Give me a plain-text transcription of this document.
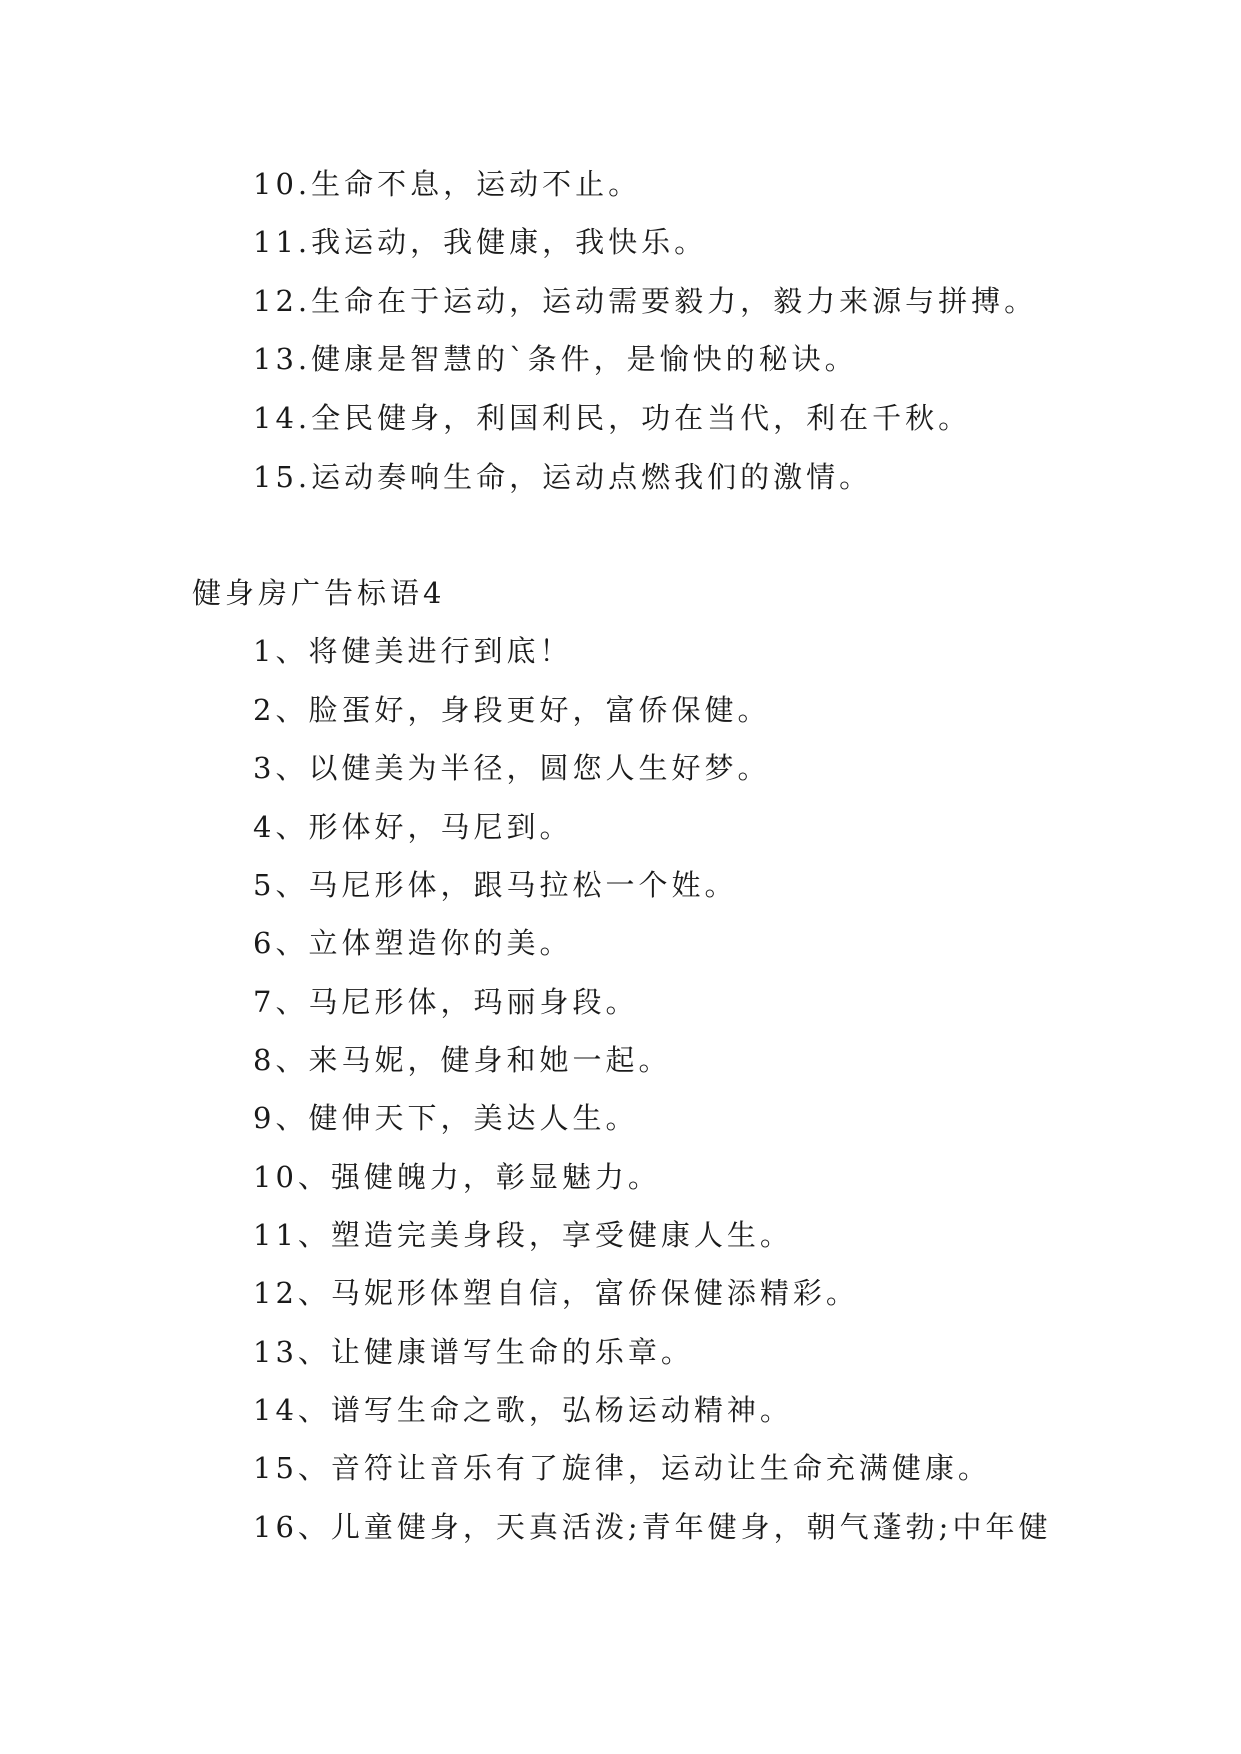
10.生命不息，运动不止。
11.我运动，我健康，我快乐。
12.生命在于运动，运动需要毅力，毅力来源与拼搏。
13.健康是智慧的`条件，是愉快的秘诀。
14.全民健身，利国利民，功在当代，利在千秋。
15.运动奏响生命，运动点燃我们的激情。
健身房广告标语4
1、将健美进行到底！
2、脸蛋好，身段更好，富侨保健。
3、以健美为半径，圆您人生好梦。
4、形体好，马尼到。
5、马尼形体，跟马拉松一个姓。
6、立体塑造你的美。
7、马尼形体，玛丽身段。
8、来马妮，健身和她一起。
9、健伸天下，美达人生。
10、强健魄力，彰显魅力。
11、塑造完美身段，享受健康人生。
12、马妮形体塑自信，富侨保健添精彩。
13、让健康谱写生命的乐章。
14、谱写生命之歌，弘杨运动精神。
15、音符让音乐有了旋律，运动让生命充满健康。
16、儿童健身，天真活泼;青年健身，朝气蓬勃;中年健
